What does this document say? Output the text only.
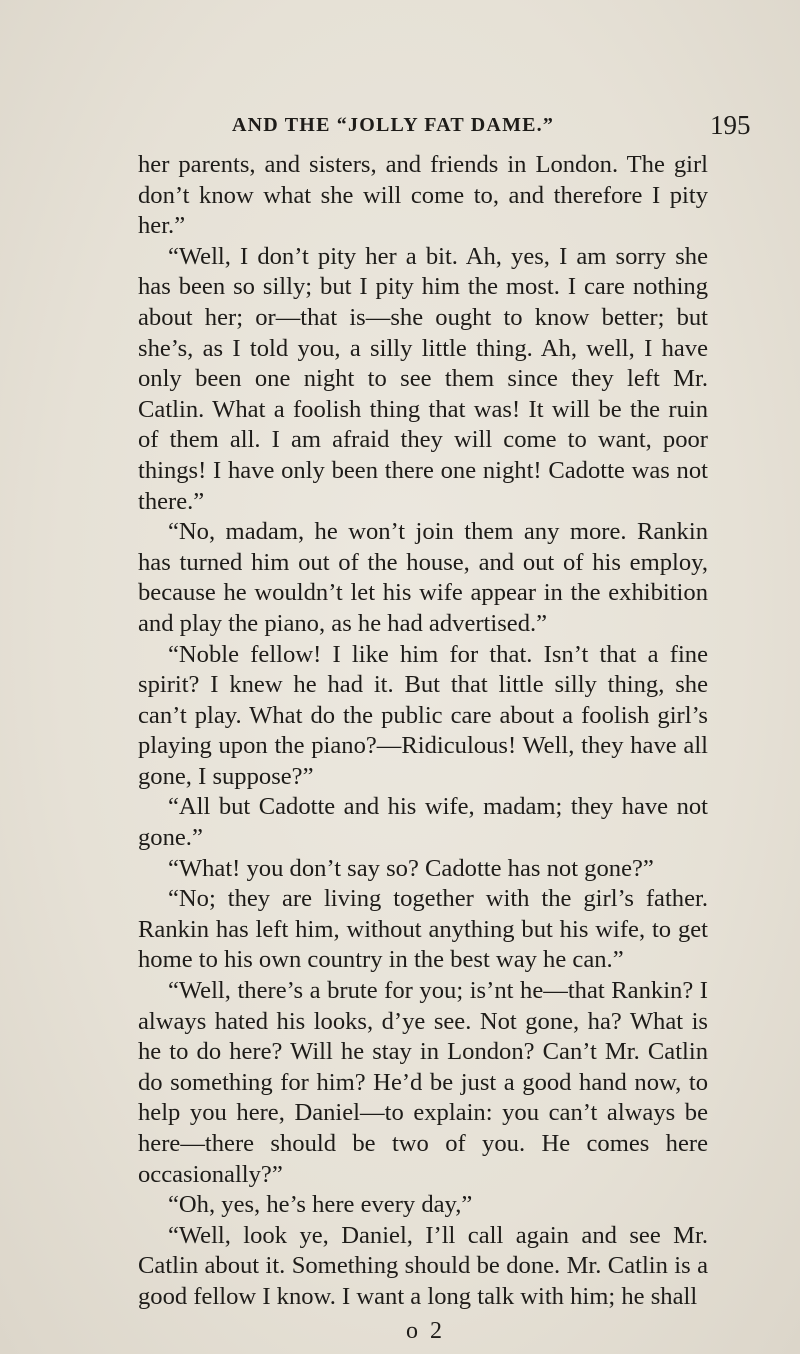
AND THE “JOLLY FAT DAME.”	195

her parents, and sisters, and friends in London. The girl don’t know what she will come to, and therefore I pity her.”

“Well, I don’t pity her a bit. Ah, yes, I am sorry she has been so silly; but I pity him the most. I care nothing about her; or—that is—she ought to know better; but she’s, as I told you, a silly little thing. Ah, well, I have only been one night to see them since they left Mr. Catlin. What a foolish thing that was! It will be the ruin of them all. I am afraid they will come to want, poor things! I have only been there one night! Cadotte was not there.”

“No, madam, he won’t join them any more. Rankin has turned him out of the house, and out of his employ, because he wouldn’t let his wife appear in the exhibition and play the piano, as he had advertised.”

“Noble fellow! I like him for that. Isn’t that a fine spirit? I knew he had it. But that little silly thing, she can’t play. What do the public care about a foolish girl’s playing upon the piano?—Ridiculous! Well, they have all gone, I suppose?”

“All but Cadotte and his wife, madam; they have not gone.”

“What! you don’t say so? Cadotte has not gone?”

“No; they are living together with the girl’s father. Rankin has left him, without anything but his wife, to get home to his own country in the best way he can.”

“Well, there’s a brute for you; is’nt he—that Rankin? I always hated his looks, d’ye see. Not gone, ha? What is he to do here? Will he stay in London? Can’t Mr. Catlin do something for him? He’d be just a good hand now, to help you here, Daniel—to explain: you can’t always be here—there should be two of you. He comes here occasionally?”

“Oh, yes, he’s here every day,”

“Well, look ye, Daniel, I’ll call again and see Mr. Catlin about it. Something should be done. Mr. Catlin is a good fellow I know. I want a long talk with him; he shall

o 2
